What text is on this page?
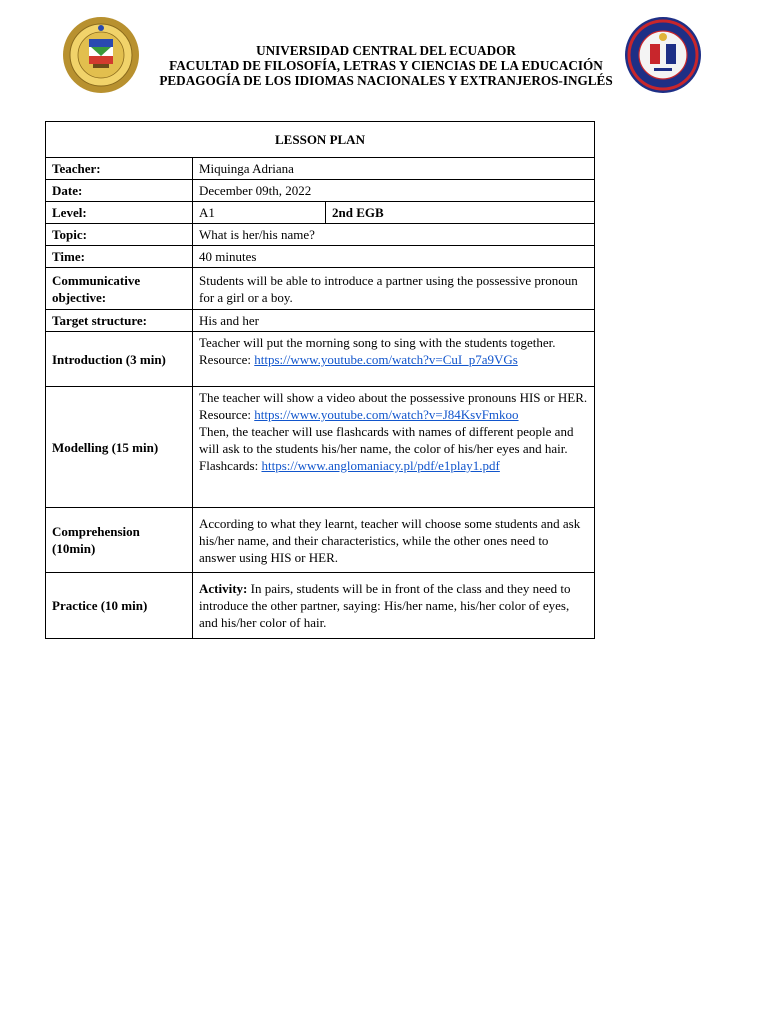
UNIVERSIDAD CENTRAL DEL ECUADOR
FACULTAD DE FILOSOFÍA, LETRAS Y CIENCIAS DE LA EDUCACIÓN
PEDAGOGÍA DE LOS IDIOMAS NACIONALES Y EXTRANJEROS-INGLÉS
LESSON PLAN		
Teacher:	Miquinga Adriana	
Date:	December 09th, 2022	
Level:	A1	2nd EGB
Topic:	What is her/his name?	
Time:	40 minutes	
Communicative objective:	Students will be able to introduce a partner using the possessive pronoun for a girl or a boy.	
Target structure:	His and her	
Introduction (3 min)	Teacher will put the morning song to sing with the students together.
Resource: https://www.youtube.com/watch?v=CuI_p7a9VGs	
Modelling (15 min)	The teacher will show a video about the possessive pronouns HIS or HER.
Resource: https://www.youtube.com/watch?v=J84KsvFmkoo
Then, the teacher will use flashcards with names of different people and will ask to the students his/her name, the color of his/her eyes and hair.
Flashcards: https://www.anglomaniacy.pl/pdf/e1play1.pdf	
Comprehension (10min)	According to what they learnt, teacher will choose some students and ask his/her name, and their characteristics, while the other ones need to answer using HIS or HER.	
Practice (10 min)	Activity: In pairs, students will be in front of the class and they need to introduce the other partner, saying: His/her name, his/her color of eyes, and his/her color of hair.	
